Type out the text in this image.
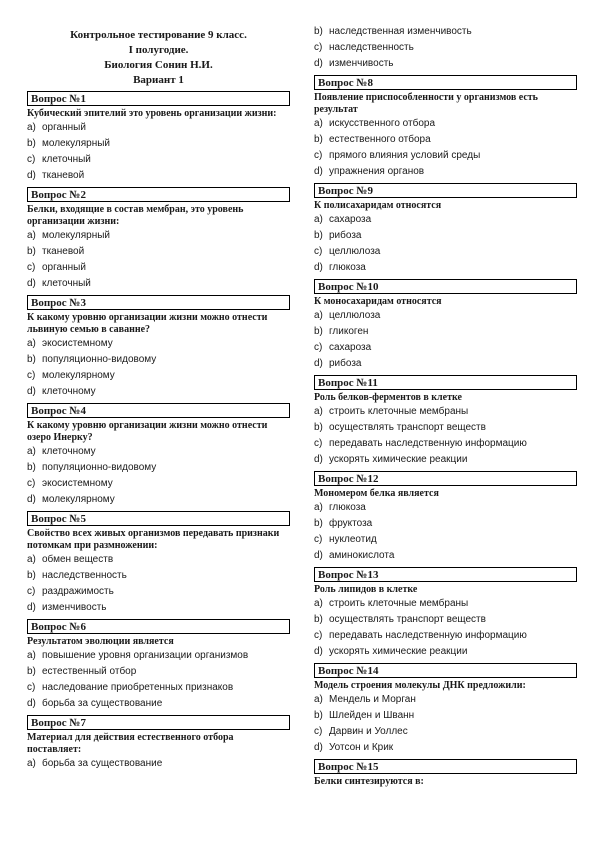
Контрольное тестирование 9 класс.
I полугодие.
Биология Сонин Н.И.
Вариант 1
Вопрос №1
Кубический эпителий это уровень организации жизни:
a) органный
b) молекулярный
c) клеточный
d) тканевой
Вопрос №2
Белки, входящие в состав мембран, это уровень организации жизни:
a) молекулярный
b) тканевой
c) органный
d) клеточный
Вопрос №3
К какому уровню организации жизни можно отнести львиную семью в саванне?
a) экосистемному
b) популяционно-видовому
c) молекулярному
d) клеточному
Вопрос №4
К какому уровню организации жизни можно отнести озеро Инерку?
a) клеточному
b) популяционно-видовому
c) экосистемному
d) молекулярному
Вопрос №5
Свойство всех живых организмов передавать признаки потомкам при размножении:
a) обмен веществ
b) наследственность
c) раздражимость
d) изменчивость
Вопрос №6
Результатом эволюции является
a) повышение уровня организации организмов
b) естественный отбор
c) наследование приобретенных признаков
d) борьба за существование
Вопрос №7
Материал для действия естественного отбора поставляет:
a) борьба за существование
b) наследственная изменчивость
c) наследственность
d) изменчивость
Вопрос №8
Появление приспособленности у организмов есть результат
a) искусственного отбора
b) естественного отбора
c) прямого влияния условий среды
d) упражнения органов
Вопрос №9
К полисахаридам относятся
a) сахароза
b) рибоза
c) целлюлоза
d) глюкоза
Вопрос №10
К моносахаридам относятся
a) целлюлоза
b) гликоген
c) сахароза
d) рибоза
Вопрос №11
Роль белков-ферментов в клетке
a) строить клеточные мембраны
b) осуществлять транспорт веществ
c) передавать наследственную информацию
d) ускорять химические реакции
Вопрос №12
Мономером белка является
a) глюкоза
b) фруктоза
c) нуклеотид
d) аминокислота
Вопрос №13
Роль липидов в клетке
a) строить клеточные мембраны
b) осуществлять транспорт веществ
c) передавать наследственную информацию
d) ускорять химические реакции
Вопрос №14
Модель строения молекулы ДНК предложили:
a) Мендель и Морган
b) Шлейден и Шванн
c) Дарвин и Уоллес
d) Уотсон и Крик
Вопрос №15
Белки синтезируются в:
